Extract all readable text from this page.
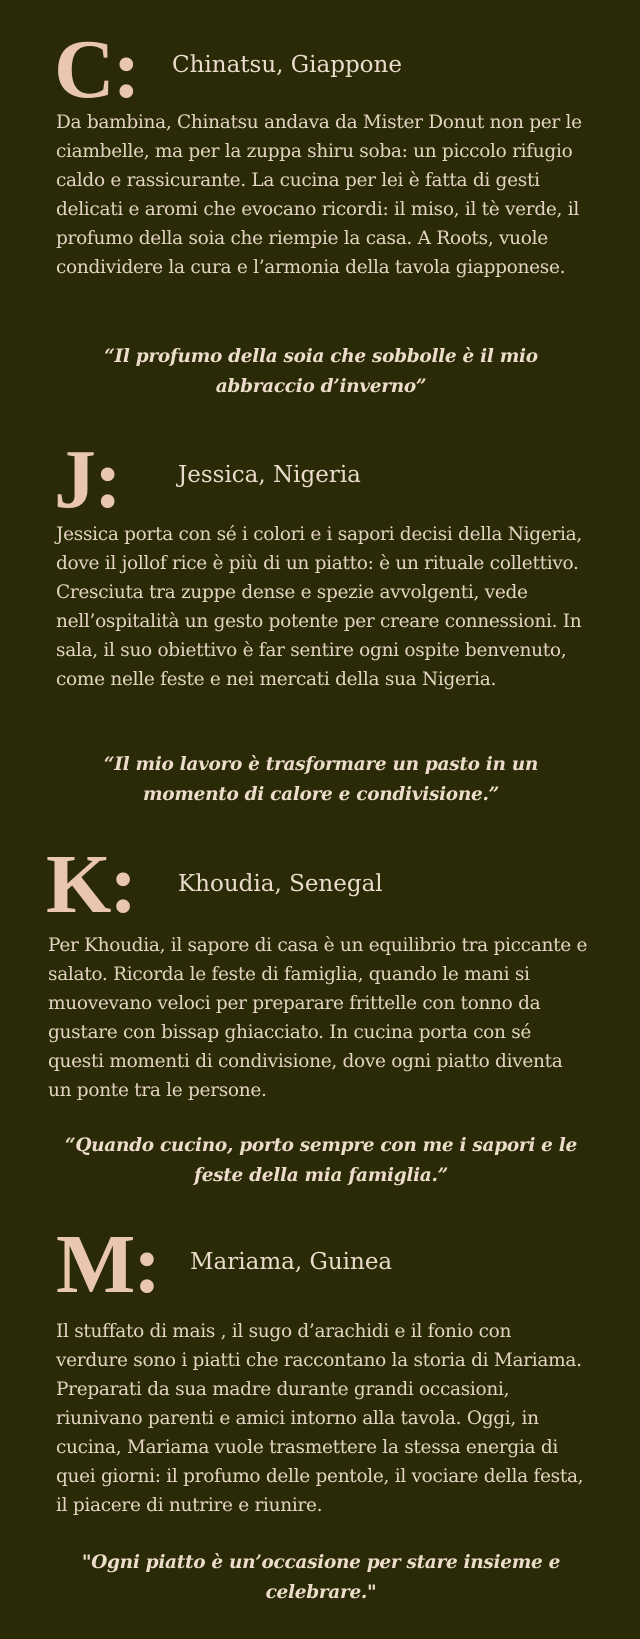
C: Chinatsu, Giappone

Da bambina, Chinatsu andava da Mister Donut non per le ciambelle, ma per la zuppa shiru soba: un piccolo rifugio caldo e rassicurante. La cucina per lei è fatta di gesti delicati e aromi che evocano ricordi: il miso, il tè verde, il profumo della soia che riempie la casa. A Roots, vuole condividere la cura e l’armonia della tavola giapponese.

“Il profumo della soia che sobbolle è il mio abbraccio d’inverno”

J:	Jessica, Nigeria

Jessica porta con sé i colori e i sapori decisi della Nigeria, dove il jollof rice è più di un piatto: è un rituale collettivo. Cresciuta tra zuppe dense e spezie avvolgenti, vede nell’ospitalità un gesto potente per creare connessioni. In sala, il suo obiettivo è far sentire ogni ospite benvenuto, come nelle feste e nei mercati della sua Nigeria.

“Il mio lavoro è trasformare un pasto in un momento di calore e condivisione.”

K: Khoudia, Senegal

Per Khoudia, il sapore di casa è un equilibrio tra piccante e salato. Ricorda le feste di famiglia, quando le mani si muovevano veloci per preparare frittelle con tonno da gustare con bissap ghiacciato. In cucina porta con sé questi momenti di condivisione, dove ogni piatto diventa un ponte tra le persone.

“Quando cucino, porto sempre con me i sapori e le feste della mia famiglia.”

M: Mariama, Guinea

Il stuffato di mais , il sugo d’arachidi e il fonio con verdure sono i piatti che raccontano la storia di Mariama. Preparati da sua madre durante grandi occasioni, riunivano parenti e amici intorno alla tavola. Oggi, in cucina, Mariama vuole trasmettere la stessa energia di quei giorni: il profumo delle pentole, il vociare della festa, il piacere di nutrire e riunire.

"Ogni piatto è un’occasione per stare insieme e celebrare."
